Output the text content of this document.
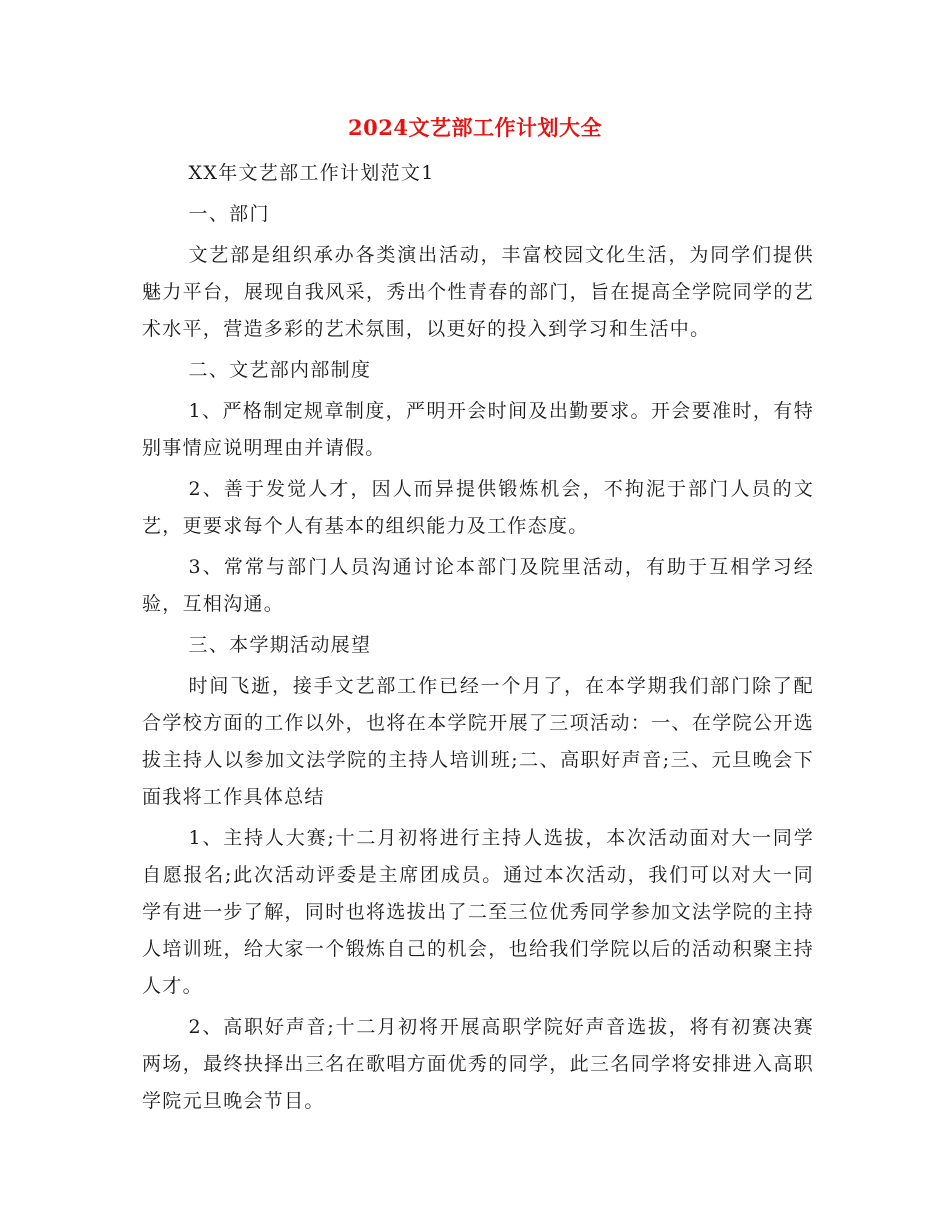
2024文艺部工作计划大全

XX年文艺部工作计划范文1

一、部门

文艺部是组织承办各类演出活动，丰富校园文化生活，为同学们提供魅力平台，展现自我风采，秀出个性青春的部门，旨在提高全学院同学的艺术水平，营造多彩的艺术氛围，以更好的投入到学习和生活中。

二、文艺部内部制度

1、严格制定规章制度，严明开会时间及出勤要求。开会要准时，有特别事情应说明理由并请假。

2、善于发觉人才，因人而异提供锻炼机会，不拘泥于部门人员的文艺，更要求每个人有基本的组织能力及工作态度。

3、常常与部门人员沟通讨论本部门及院里活动，有助于互相学习经验，互相沟通。

三、本学期活动展望

时间飞逝，接手文艺部工作已经一个月了，在本学期我们部门除了配合学校方面的工作以外，也将在本学院开展了三项活动：一、在学院公开选拔主持人以参加文法学院的主持人培训班;二、高职好声音;三、元旦晚会下面我将工作具体总结

1、主持人大赛;十二月初将进行主持人选拔，本次活动面对大一同学自愿报名;此次活动评委是主席团成员。通过本次活动，我们可以对大一同学有进一步了解，同时也将选拔出了二至三位优秀同学参加文法学院的主持人培训班，给大家一个锻炼自己的机会，也给我们学院以后的活动积聚主持人才。

2、高职好声音;十二月初将开展高职学院好声音选拔，将有初赛决赛两场，最终抉择出三名在歌唱方面优秀的同学，此三名同学将安排进入高职学院元旦晚会节目。
